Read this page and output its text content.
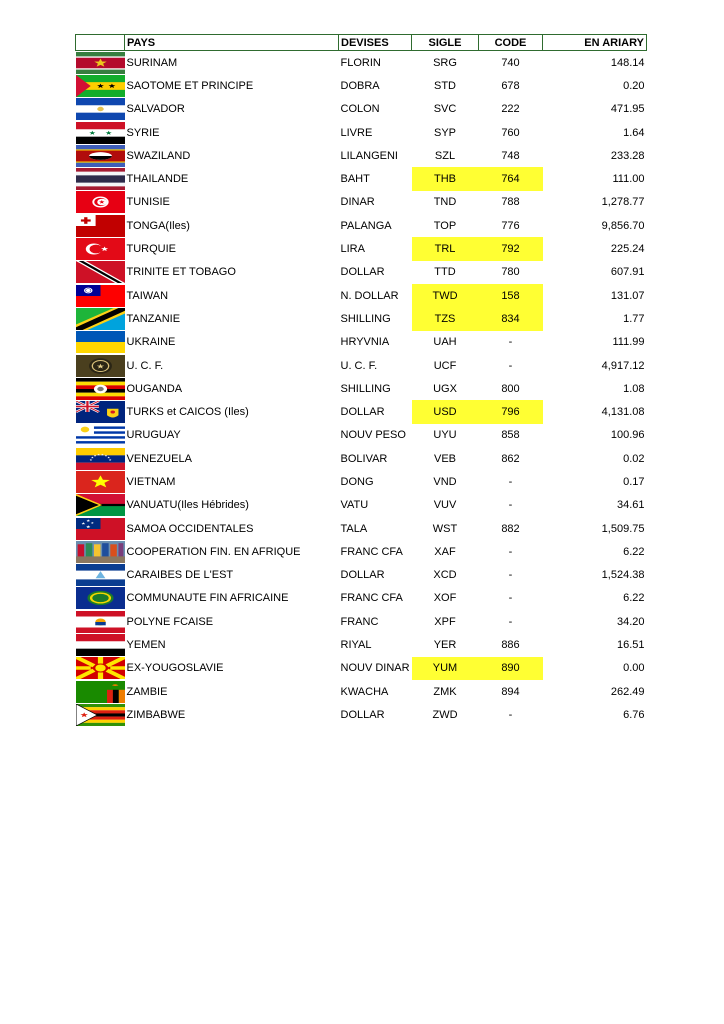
	PAYS	DEVISES	SIGLE	CODE	EN ARIARY

	SURINAM	FLORIN	SRG	740	148.14

	SAOTOME ET PRINCIPE	DOBRA	STD	678	0.20

	SALVADOR	COLON	SVC	222	471.95

	SYRIE	LIVRE	SYP	760	1.64

	SWAZILAND	LILANGENI	SZL	748	233.28

	THAILANDE	BAHT	THB	764	111.00

	TUNISIE	DINAR	TND	788	1,278.77

	TONGA(Iles)	PALANGA	TOP	776	9,856.70

	TURQUIE	LIRA	TRL	792	225.24

	TRINITE ET TOBAGO	DOLLAR	TTD	780	607.91

	TAIWAN	N. DOLLAR	TWD	158	131.07

	TANZANIE	SHILLING	TZS	834	1.77

	UKRAINE	HRYVNIA	UAH	-	111.99

★	U. C. F.	U. C. F.	UCF	-	4,917.12

	OUGANDA	SHILLING	UGX	800	1.08

	TURKS et CAICOS (Iles)	DOLLAR	USD	796	4,131.08

	URUGUAY	NOUV PESO	UYU	858	100.96

	VENEZUELA	BOLIVAR	VEB	862	0.02

	VIETNAM	DONG	VND	-	0.17

	VANUATU(Iles Hébrides)	VATU	VUV	-	34.61

	SAMOA OCCIDENTALES	TALA	WST	882	1,509.75

	COOPERATION FIN. EN AFRIQUE	FRANC CFA	XAF	-	6.22

	CARAIBES DE L'EST	DOLLAR	XCD	-	1,524.38

	COMMUNAUTE FIN AFRICAINE	FRANC CFA	XOF	-	6.22

	POLYNE FCAISE	FRANC	XPF	-	34.20

	YEMEN	RIYAL	YER	886	16.51

	EX-YOUGOSLAVIE	NOUV DINAR	YUM	890	0.00

	ZAMBIE	KWACHA	ZMK	894	262.49

	ZIMBABWE	DOLLAR	ZWD	-	6.76
